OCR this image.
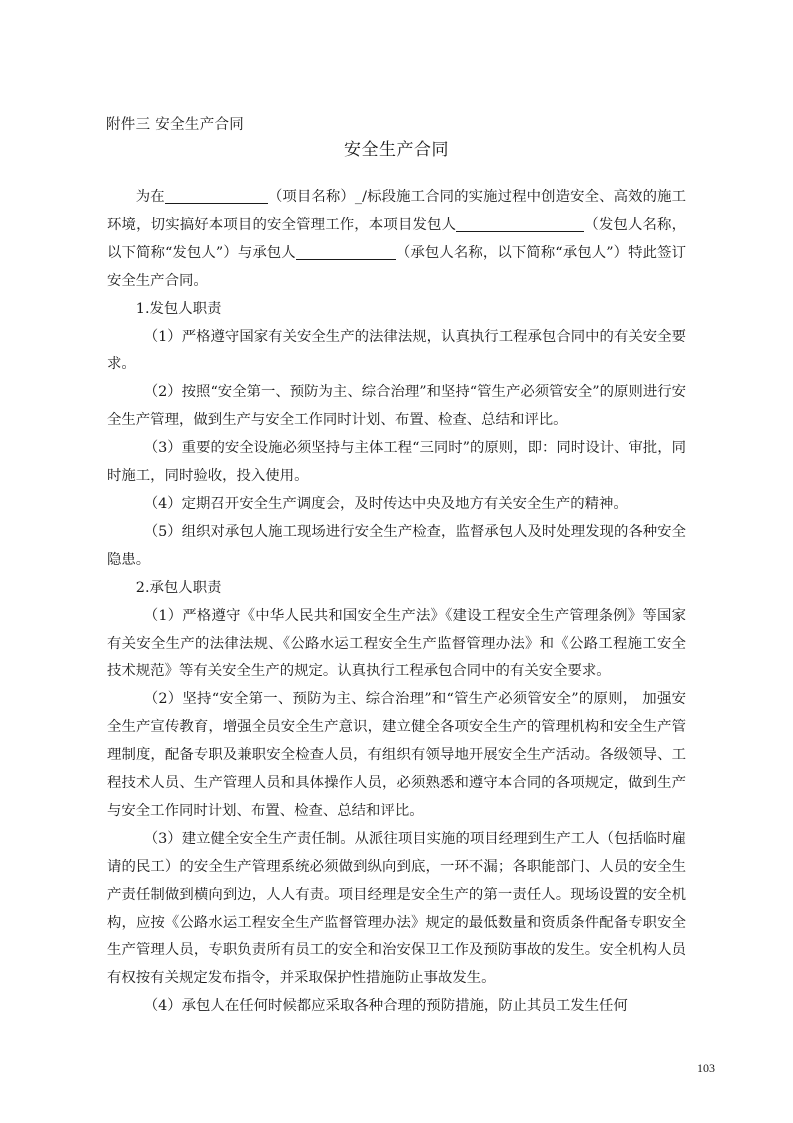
附件三 安全生产合同
安全生产合同

为在	（项目名称）_/标段施工合同的实施过程中创造安全、高效的施工环境，切实搞好本项目的安全管理工作，本项目发包人	（发包人名称，以下简称“发包人”）与承包人	（承包人名称，以下简称“承包人”）特此签订安全生产合同。

1.发包人职责

（1）严格遵守国家有关安全生产的法律法规，认真执行工程承包合同中的有关安全要求。

（2）按照“安全第一、预防为主、综合治理”和坚持“管生产必须管安全”的原则进行安全生产管理，做到生产与安全工作同时计划、布置、检查、总结和评比。

（3）重要的安全设施必须坚持与主体工程“三同时”的原则，即：同时设计、审批，同时施工，同时验收，投入使用。

（4）定期召开安全生产调度会，及时传达中央及地方有关安全生产的精神。

（5）组织对承包人施工现场进行安全生产检查，监督承包人及时处理发现的各种安全隐患。

2.承包人职责

（1）严格遵守《中华人民共和国安全生产法》《建设工程安全生产管理条例》等国家有关安全生产的法律法规、《公路水运工程安全生产监督管理办法》和《公路工程施工安全技术规范》等有关安全生产的规定。认真执行工程承包合同中的有关安全要求。

（2）坚持“安全第一、预防为主、综合治理”和“管生产必须管安全”的原则， 加强安全生产宣传教育，增强全员安全生产意识，建立健全各项安全生产的管理机构和安全生产管理制度，配备专职及兼职安全检查人员，有组织有领导地开展安全生产活动。各级领导、工程技术人员、生产管理人员和具体操作人员，必须熟悉和遵守本合同的各项规定，做到生产与安全工作同时计划、布置、检查、总结和评比。

（3）建立健全安全生产责任制。从派往项目实施的项目经理到生产工人（包括临时雇请的民工）的安全生产管理系统必须做到纵向到底，一环不漏；各职能部门、人员的安全生产责任制做到横向到边，人人有责。项目经理是安全生产的第一责任人。现场设置的安全机构，应按《公路水运工程安全生产监督管理办法》规定的最低数量和资质条件配备专职安全生产管理人员，专职负责所有员工的安全和治安保卫工作及预防事故的发生。安全机构人员有权按有关规定发布指令，并采取保护性措施防止事故发生。

（4）承包人在任何时候都应采取各种合理的预防措施，防止其员工发生任何

103
